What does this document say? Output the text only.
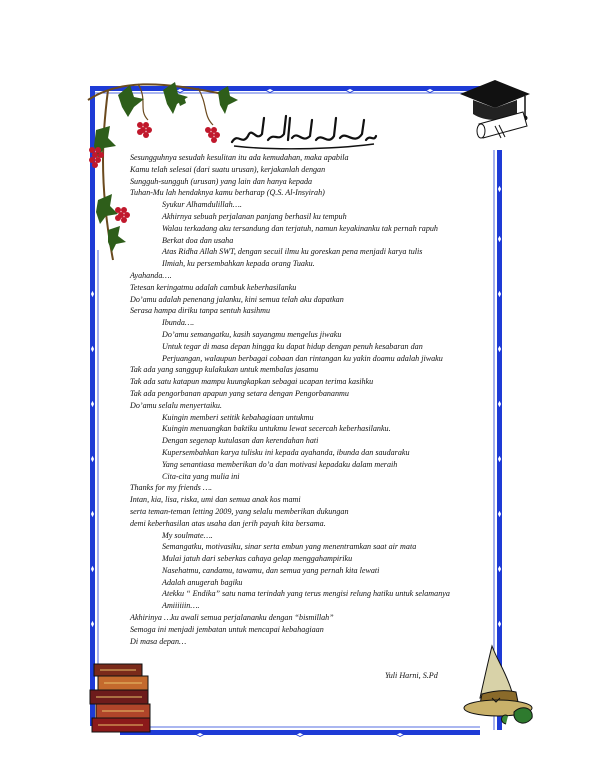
Sesungguhnya sesudah kesulitan itu ada kemudahan, maka apabila
Kamu telah selesai (dari suatu urusan), kerjakanlah dengan
Sungguh-sungguh (urusan) yang lain dan hanya kepada
Tuhan-Mu lah hendaknya kamu berharap (Q.S. Al-Insyirah)
Syukur Alhamdulillah….
Akhirnya sebuah perjalanan panjang berhasil ku tempuh
Walau terkadang aku tersandung dan terjatuh, namun keyakinanku tak pernah rapuh
Berkat doa dan usaha
Atas Ridha Allah SWT, dengan secuil ilmu ku goreskan pena menjadi karya tulis
Ilmiah, ku persembahkan kepada orang Tuaku.
Ayahanda….
Tetesan keringatmu adalah cambuk keberhasilanku
Do’amu adalah penenang jalanku, kini semua telah aku dapatkan
Serasa hampa diriku tanpa sentuh kasihmu
Ibunda….
Do’amu semangatku, kasih sayangmu mengelus jiwaku
Untuk tegar di masa depan hingga ku dapat hidup dengan penuh kesabaran dan
Perjuangan, walaupun berbagai cobaan dan rintangan ku yakin doamu adalah jiwaku
Tak ada yang sanggup kulakukan untuk membalas jasamu
Tak ada satu katapun mampu kuungkapkan sebagai ucapan terima kasihku
Tak ada pengorbanan apapun yang setara dengan Pengorbananmu
Do’amu selalu menyertaiku.
Kuingin memberi setitik kebahagiaan untukmu
Kuingin menuangkan baktiku untukmu lewat secercah keberhasilanku.
Dengan segenap kutulasan dan kerendahan hati
Kupersembahkan karya tulisku ini kepada ayahanda, ibunda dan saudaraku
Yang senantiasa memberikan do’a dan motivasi kepadaku dalam meraih
Cita-cita yang mulia ini
Thanks for my friends ….
Intan, kia, lisa, riska, umi dan semua anak kos mami
serta teman-teman letting 2009, yang selalu memberikan dukungan
demi keberhasilan atas usaha dan jerih payah kita bersama.
My soulmate….
Semangatku, motivasiku, sinar serta embun yang menentramkan saat air mata
Mulai jatuh dari seberkas cahaya gelap menggahampiriku
Nasehatmu, candamu, tawamu, dan semua yang pernah kita lewati
Adalah anugerah bagiku
Atekku “ Endika” satu nama terindah yang terus mengisi relung hatiku untuk selamanya
Amiiiiiin….
Akhirinya …ku awali semua perjalananku dengan “bismillah”
Semoga ini menjadi jembatan untuk mencapai kebahagiaan
Di masa depan…
Yuli Harni, S.Pd
